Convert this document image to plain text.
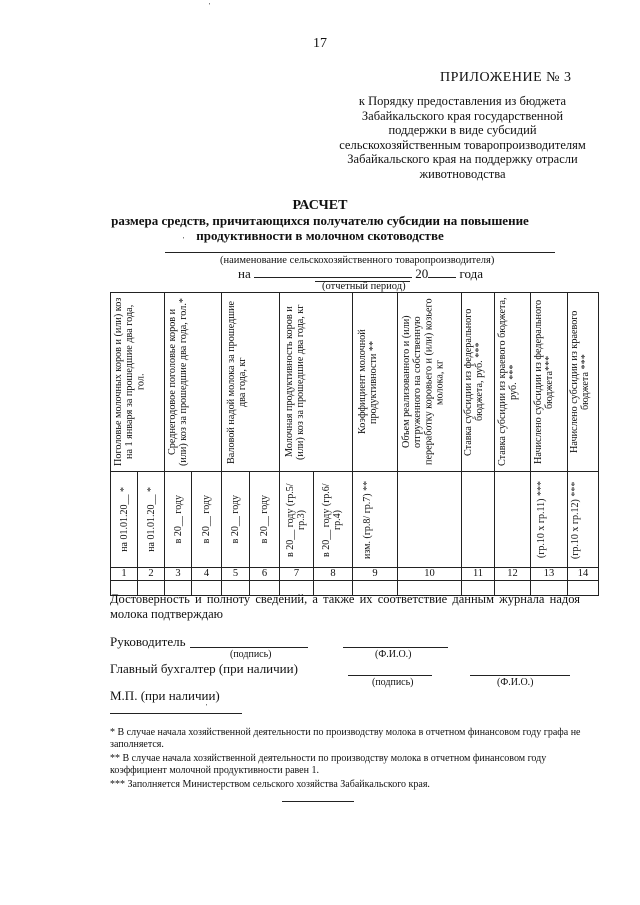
'
17
ПРИЛОЖЕНИЕ № 3
к Порядку предоставления из бюджета
Забайкальского края государственной
поддержки в виде субсидий
сельскохозяйственным товаропроизводителям
Забайкальского края на поддержку отрасли
животноводства
РАСЧЕТ
размера средств, причитающихся получателю субсидии на повышение
продуктивности в молочном скотоводстве
'
(наименование сельскохозяйственного товаропроизводителя)
на	20 года
(отчетный период)
Поголовье молочных коров и (или) коз на 1 января за прошедшие два года, гол.		Среднегодовое поголовье коров и (или) коз за прошедшие два года, гол.*		Валовой надой молока за прошедшие два года, кг		Молочная продуктивность коров и (или) коз за прошедшие два года, кг		Коэффициент молочной продуктивности **	Объем реализованного и (или) отгруженного на собственную переработку коровьего и (или) козьего молока, кг	Ставка субсидии из федерального бюджета, руб. ***	Ставка субсидии из краевого бюджета, руб. ***	Начислено субсидии из федерального бюджета***	Начислено субсидии из краевого бюджета ***

на 01.01.20__ *	на 01.01.20__ *	в 20__ году	в 20__ году	в 20__ году	в 20__ году	в 20__ году (гр.5/гр.3)	в 20__ году (гр.6/гр.4)	изм. (гр.8/ гр.7) **				(гр.10 х гр.11) ***	(гр.10 х гр.12) ***

1	2	3	4	5	6	7	8	9	10	11	12	13	14

Достоверность и полноту сведений, а также их соответствие данным журнала надоя молока подтверждаю
Руководитель
(подпись)	(Ф.И.О.)
Главный бухгалтер (при наличии)
(подпись)	(Ф.И.О.)
М.П. (при наличии)
'
* В случае начала хозяйственной деятельности по производству молока в отчетном финансовом году графа не заполняется.
** В случае начала хозяйственной деятельности по производству молока в отчетном финансовом году коэффициент молочной продуктивности равен 1.
*** Заполняется Министерством сельского хозяйства Забайкальского края.
